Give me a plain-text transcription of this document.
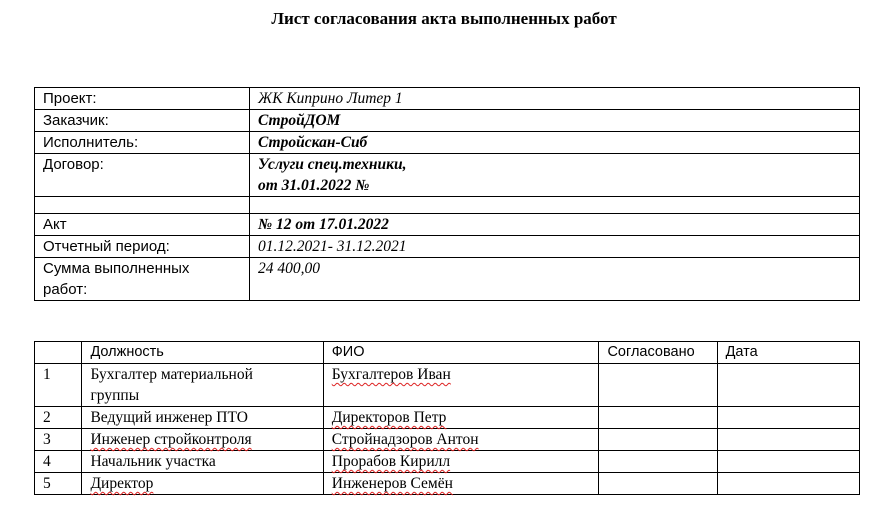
Лист согласования акта выполненных работ
Проект:	ЖК Киприно Литер 1
Заказчик:	СтройДОМ
Исполнитель:	Стройскан-Сиб
Договор:	Услуги спец.техники,
от 31.01.2022 №

Акт	№ 12 от 17.01.2022
Отчетный период:	01.12.2021- 31.12.2021

Сумма выполненных
работ:	24 400,00
	Должность	ФИО	Согласовано	Дата
1	Бухгалтер материальной
группы	Бухгалтеров Иван		
2	Ведущий инженер ПТО	Директоров Петр		
3	Инженер стройконтроля	Стройнадзоров Антон		
4	Начальник участка	Прорабов Кирилл		
5	Директор	Инженеров Семён		
